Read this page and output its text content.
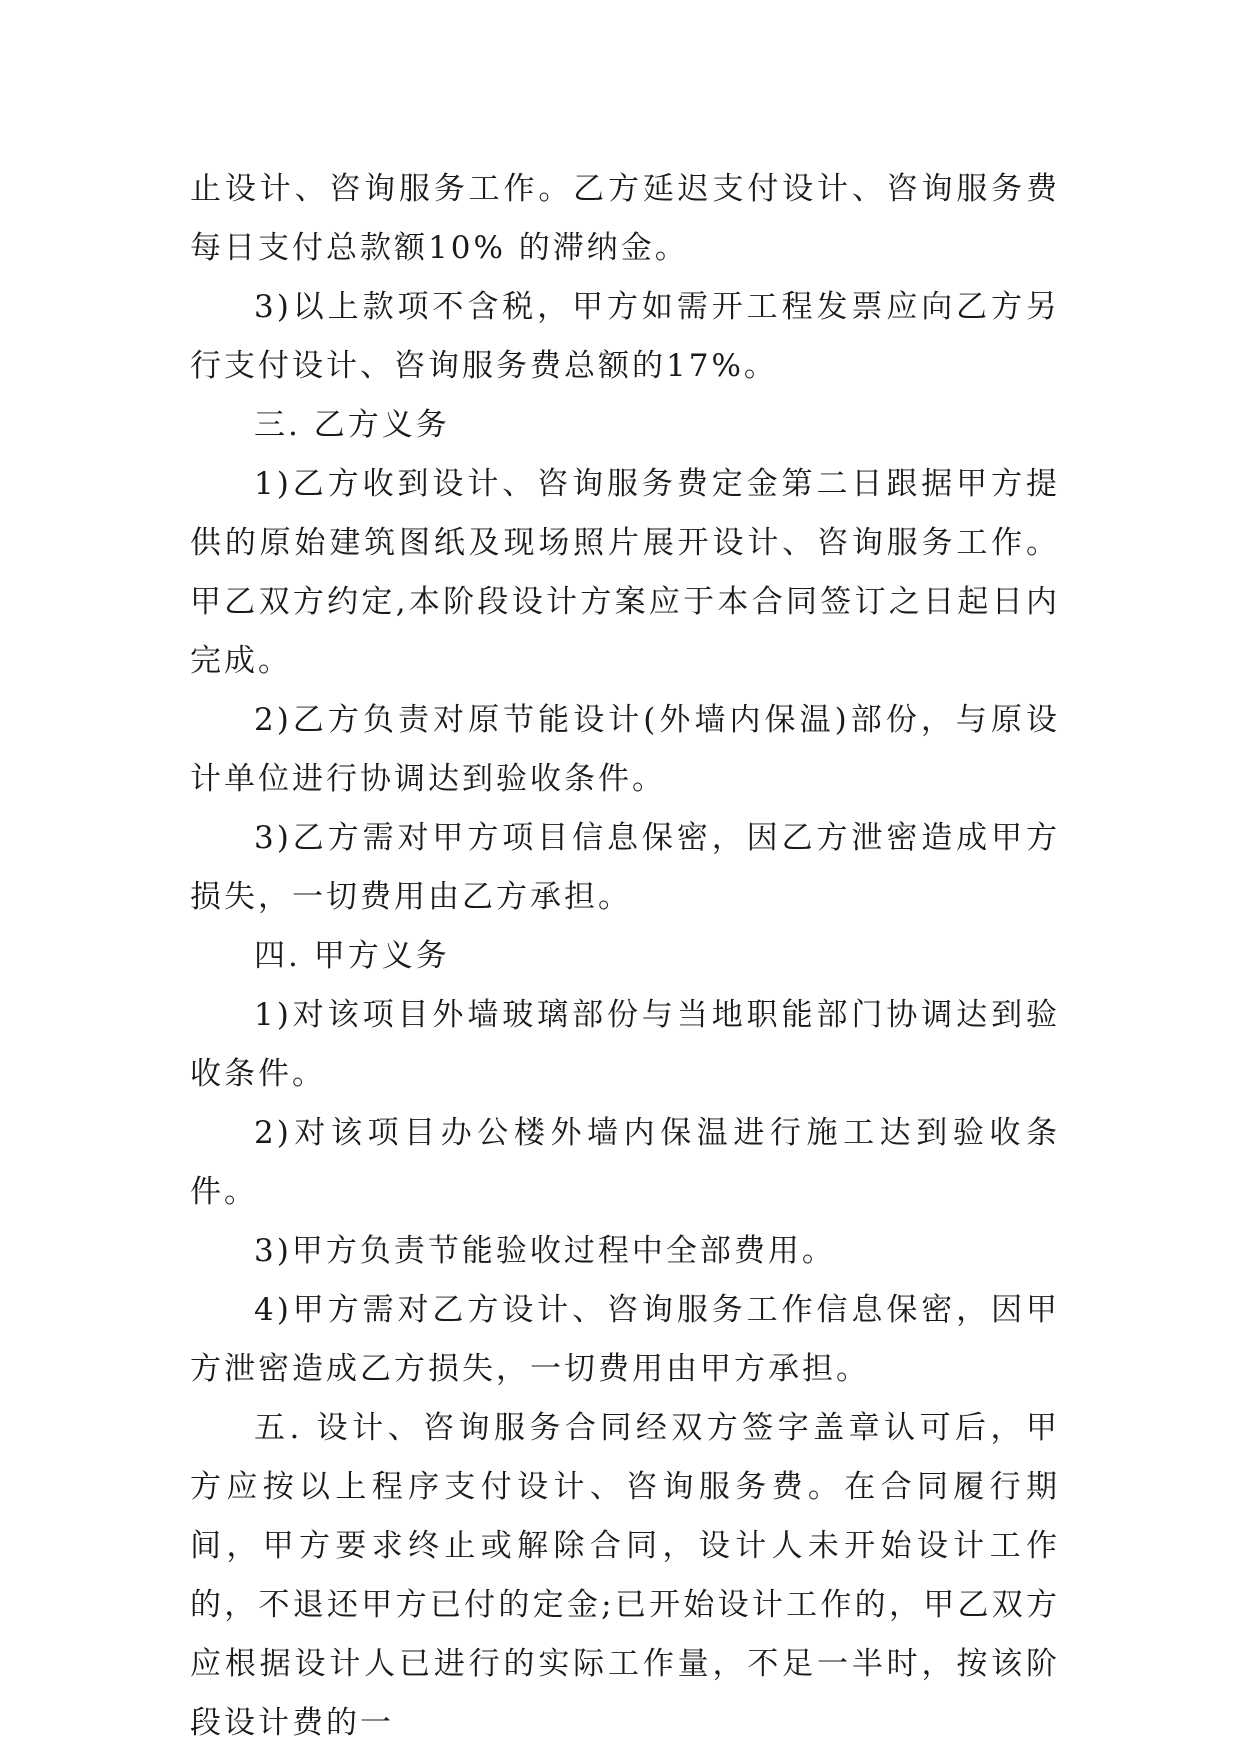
止设计、咨询服务工作。乙方延迟支付设计、咨询服务费每日支付总款额10% 的滞纳金。

3)以上款项不含税，甲方如需开工程发票应向乙方另行支付设计、咨询服务费总额的17%。

三. 乙方义务

1)乙方收到设计、咨询服务费定金第二日跟据甲方提供的原始建筑图纸及现场照片展开设计、咨询服务工作。甲乙双方约定,本阶段设计方案应于本合同签订之日起日内完成。

2)乙方负责对原节能设计(外墙内保温)部份，与原设计单位进行协调达到验收条件。

3)乙方需对甲方项目信息保密，因乙方泄密造成甲方损失，一切费用由乙方承担。

四. 甲方义务

1)对该项目外墙玻璃部份与当地职能部门协调达到验收条件。

2)对该项目办公楼外墙内保温进行施工达到验收条件。

3)甲方负责节能验收过程中全部费用。

4)甲方需对乙方设计、咨询服务工作信息保密，因甲方泄密造成乙方损失，一切费用由甲方承担。

五. 设计、咨询服务合同经双方签字盖章认可后，甲方应按以上程序支付设计、咨询服务费。在合同履行期间，甲方要求终止或解除合同，设计人未开始设计工作的，不退还甲方已付的定金;已开始设计工作的，甲乙双方应根据设计人已进行的实际工作量，不足一半时，按该阶段设计费的一
